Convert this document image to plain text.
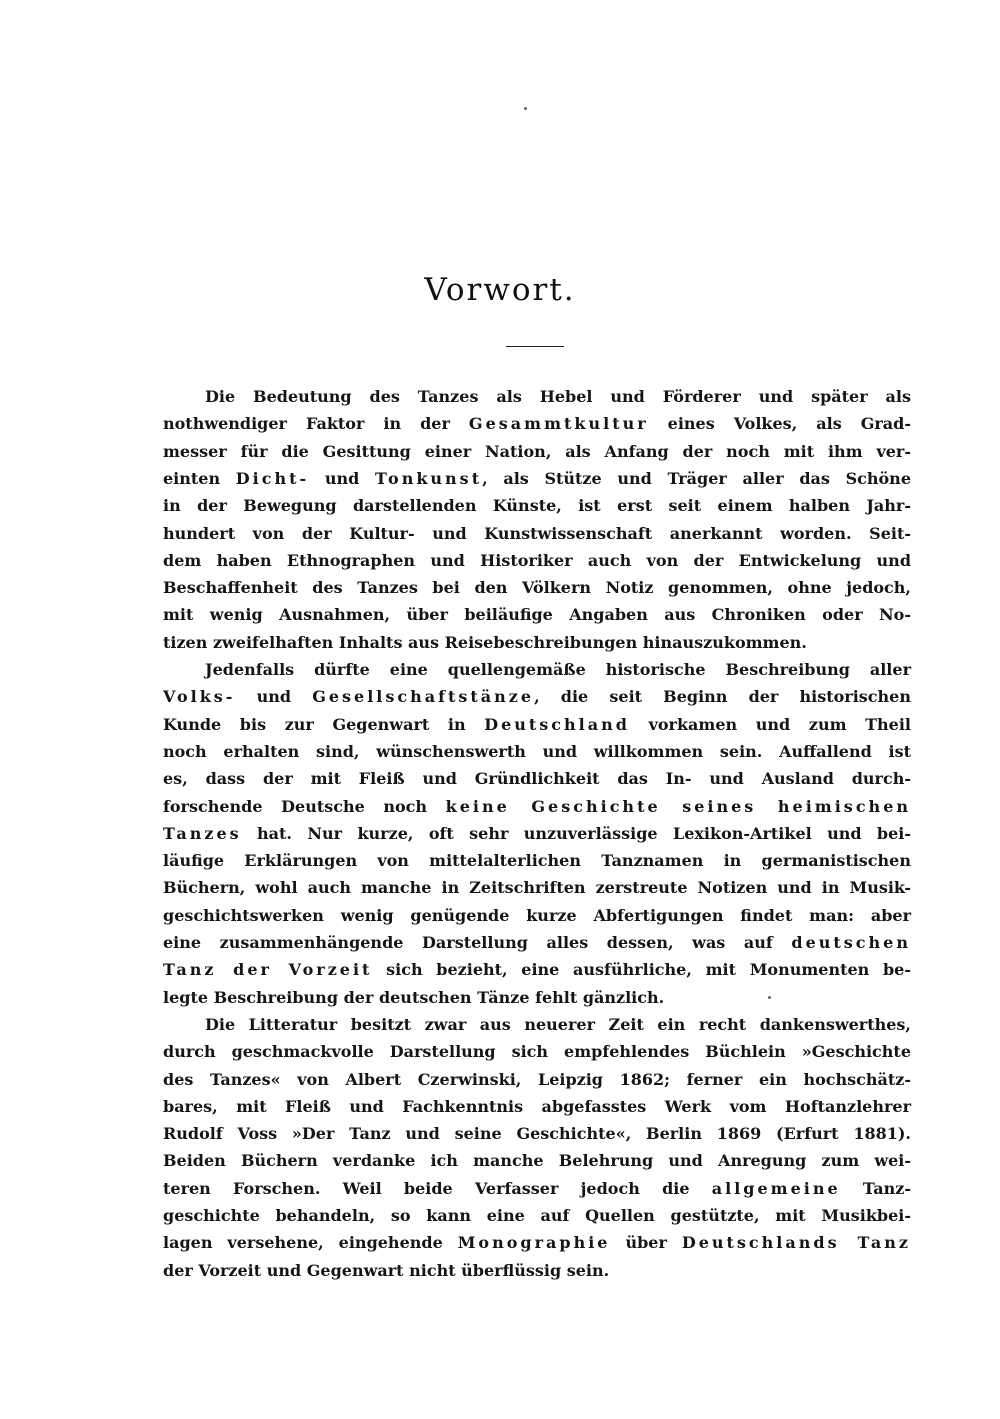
Vorwort.
Die Bedeutung des Tanzes als Hebel und Förderer und später als
nothwendiger Faktor in der Gesammtkultur eines Volkes, als Grad-
messer für die Gesittung einer Nation, als Anfang der noch mit ihm ver-
einten Dicht- und Tonkunst, als Stütze und Träger aller das Schöne
in der Bewegung darstellenden Künste, ist erst seit einem halben Jahr-
hundert von der Kultur- und Kunstwissenschaft anerkannt worden. Seit-
dem haben Ethnographen und Historiker auch von der Entwickelung und
Beschaffenheit des Tanzes bei den Völkern Notiz genommen, ohne jedoch,
mit wenig Ausnahmen, über beiläufige Angaben aus Chroniken oder No-
tizen zweifelhaften Inhalts aus Reisebeschreibungen hinauszukommen.
Jedenfalls dürfte eine quellengemäße historische Beschreibung aller
Volks- und Gesellschaftstänze, die seit Beginn der historischen
Kunde bis zur Gegenwart in Deutschland vorkamen und zum Theil
noch erhalten sind, wünschenswerth und willkommen sein. Auffallend ist
es, dass der mit Fleiß und Gründlichkeit das In- und Ausland durch-
forschende Deutsche noch keine Geschichte seines heimischen
Tanzes hat. Nur kurze, oft sehr unzuverlässige Lexikon-Artikel und bei-
läufige Erklärungen von mittelalterlichen Tanznamen in germanistischen
Büchern, wohl auch manche in Zeitschriften zerstreute Notizen und in Musik-
geschichtswerken wenig genügende kurze Abfertigungen findet man: aber
eine zusammenhängende Darstellung alles dessen, was auf deutschen
Tanz der Vorzeit sich bezieht, eine ausführliche, mit Monumenten be-
legte Beschreibung der deutschen Tänze fehlt gänzlich.
Die Litteratur besitzt zwar aus neuerer Zeit ein recht dankenswerthes,
durch geschmackvolle Darstellung sich empfehlendes Büchlein »Geschichte
des Tanzes« von Albert Czerwinski, Leipzig 1862; ferner ein hochschätz-
bares, mit Fleiß und Fachkenntnis abgefasstes Werk vom Hoftanzlehrer
Rudolf Voss »Der Tanz und seine Geschichte«, Berlin 1869 (Erfurt 1881).
Beiden Büchern verdanke ich manche Belehrung und Anregung zum wei-
teren Forschen. Weil beide Verfasser jedoch die allgemeine Tanz-
geschichte behandeln, so kann eine auf Quellen gestützte, mit Musikbei-
lagen versehene, eingehende Monographie über Deutschlands Tanz
der Vorzeit und Gegenwart nicht überflüssig sein.
